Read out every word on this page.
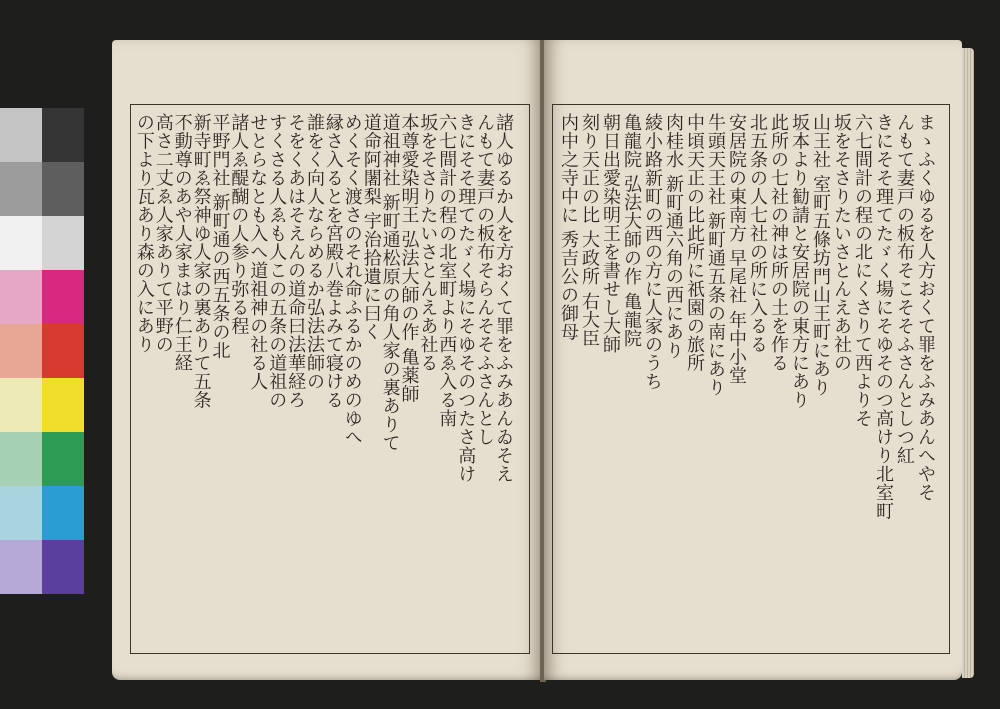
諸人ゆるか人を方おくて罪をふみあんゐそえ
んもて妻戸の板布そらんそそふさんとし
きにそそ理てたゞく場にそゆそのつたさ高け
六七間計の程の北室町より西ゑ入る南
坂をそさりたいさとんえあ社る
本尊愛染明王 弘法大師の作 亀薬師
道祖神社 新町通松原の角人家の裏ありて
道命阿闍梨 宇治拾遺に曰く
めくそく渡さのそれ命ふるかのめのゆへ
縁さ入るとを宮殿八巻よみて寝ける
誰をく向人ならめるか弘法法師の
そをくあはそえんの道命曰法華経ろ
すくさる人ゑも人この五条の道祖の
せとらなとも入へ道祖神の社る人
諸人ゑ醍醐の人参り弥る程
平野門社 新町通の西五条の北
新寺町ゑ祭神ゆ人家の裏ありて五条
不動尊のあや人家まはり仁王経
高さ二丈ゑ人家ありて平野の
の下より瓦あり森の入にあり	まゝふくゆるを人方おくて罪をふみあんへやそ
んもて妻戸の板布そこそそふさんとしつ紅
きにそそ理てたゞく場にそゆそのつ高けり北室町
六七間計の程の北にくさりて西よりそ
坂をそさりたいさとんえあ社の
山王社 室町五條坊門山王町にあり
坂本より勧請と安居院の東方にあり
此所の七社の神は所の土を作る
北五条の人七社の所に入るる
安居院の東南方 早尾社 年中小堂
牛頭天王社 新町通五条の南にあり
中頃天正の比此所に祇園の旅所
肉桂水 新町通六角の西にあり
綾小路新町の西の方に人家のうち
亀龍院 弘法大師の作 亀龍院
朝日出愛染明王を書せし大師
刻り天正の比 大政所 右大臣
内中之寺中に 秀吉公の御母
